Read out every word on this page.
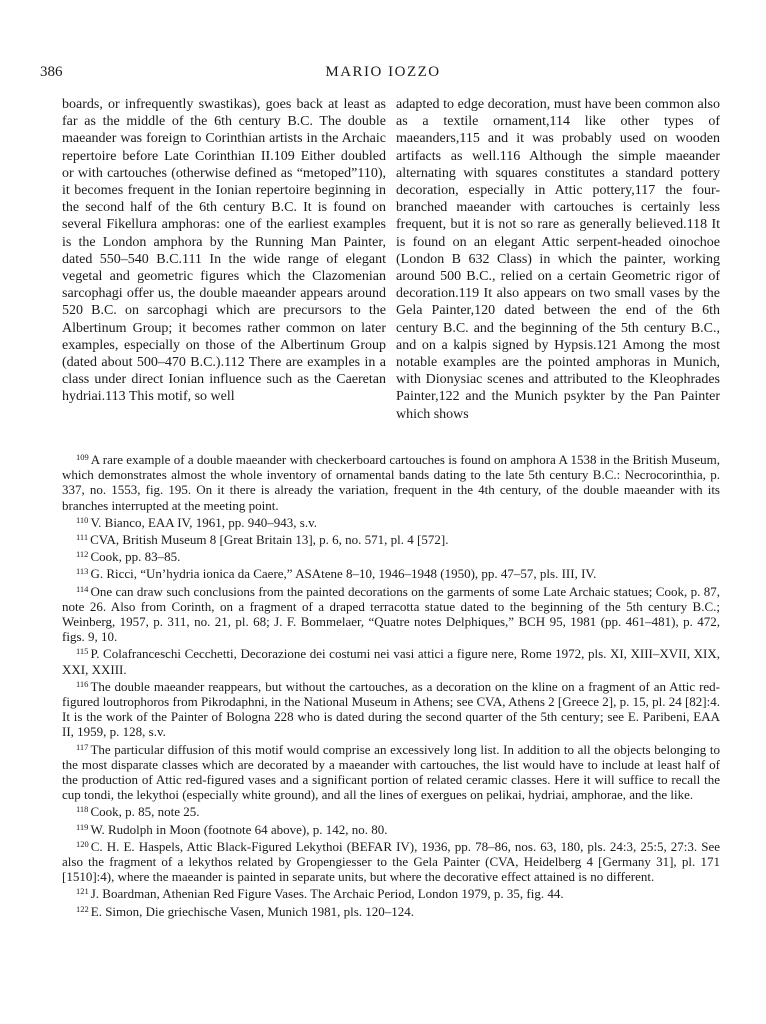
386	MARIO IOZZO
boards, or infrequently swastikas), goes back at least as far as the middle of the 6th century B.C. The double maeander was foreign to Corinthian artists in the Archaic repertoire before Late Corinthian II.109 Either doubled or with cartouches (otherwise defined as “metoped”110), it becomes frequent in the Ionian repertoire beginning in the second half of the 6th century B.C. It is found on several Fikellura amphoras: one of the earliest examples is the London amphora by the Running Man Painter, dated 550–540 B.C.111 In the wide range of elegant vegetal and geometric figures which the Clazomenian sarcophagi offer us, the double maeander appears around 520 B.C. on sarcophagi which are precursors to the Albertinum Group; it becomes rather common on later examples, especially on those of the Albertinum Group (dated about 500–470 B.C.).112 There are examples in a class under direct Ionian influence such as the Caeretan hydriai.113 This motif, so well
adapted to edge decoration, must have been common also as a textile ornament,114 like other types of maeanders,115 and it was probably used on wooden artifacts as well.116 Although the simple maeander alternating with squares constitutes a standard pottery decoration, especially in Attic pottery,117 the four-branched maeander with cartouches is certainly less frequent, but it is not so rare as generally believed.118 It is found on an elegant Attic serpent-headed oinochoe (London B 632 Class) in which the painter, working around 500 B.C., relied on a certain Geometric rigor of decoration.119 It also appears on two small vases by the Gela Painter,120 dated between the end of the 6th century B.C. and the beginning of the 5th century B.C., and on a kalpis signed by Hypsis.121 Among the most notable examples are the pointed amphoras in Munich, with Dionysiac scenes and attributed to the Kleophrades Painter,122 and the Munich psykter by the Pan Painter which shows

$^{109}$ A rare example of a double maeander with checkerboard cartouches is found on amphora A 1538 in the British Museum, which demonstrates almost the whole inventory of ornamental bands dating to the late 5th century B.C.: Necrocorinthia, p. 337, no. 1553, fig. 195. On it there is already the variation, frequent in the 4th century, of the double maeander with its branches interrupted at the meeting point.

$^{110}$ V. Bianco, EAA IV, 1961, pp. 940–943, s.v.

$^{111}$ CVA, British Museum 8 [Great Britain 13], p. 6, no. 571, pl. 4 [572].

$^{112}$ Cook, pp. 83–85.

$^{113}$ G. Ricci, “Un’hydria ionica da Caere,” ASAtene 8–10, 1946–1948 (1950), pp. 47–57, pls. III, IV.

$^{114}$ One can draw such conclusions from the painted decorations on the garments of some Late Archaic statues; Cook, p. 87, note 26. Also from Corinth, on a fragment of a draped terracotta statue dated to the beginning of the 5th century B.C.; Weinberg, 1957, p. 311, no. 21, pl. 68; J. F. Bommelaer, “Quatre notes Delphiques,” BCH 95, 1981 (pp. 461–481), p. 472, figs. 9, 10.

$^{115}$ P. Colafranceschi Cecchetti, Decorazione dei costumi nei vasi attici a figure nere, Rome 1972, pls. XI, XIII–XVII, XIX, XXI, XXIII.

$^{116}$ The double maeander reappears, but without the cartouches, as a decoration on the kline on a fragment of an Attic red-figured loutrophoros from Pikrodaphni, in the National Museum in Athens; see CVA, Athens 2 [Greece 2], p. 15, pl. 24 [82]:4. It is the work of the Painter of Bologna 228 who is dated during the second quarter of the 5th century; see E. Paribeni, EAA II, 1959, p. 128, s.v.

$^{117}$ The particular diffusion of this motif would comprise an excessively long list. In addition to all the objects belonging to the most disparate classes which are decorated by a maeander with cartouches, the list would have to include at least half of the production of Attic red-figured vases and a significant portion of related ceramic classes. Here it will suffice to recall the cup tondi, the lekythoi (especially white ground), and all the lines of exergues on pelikai, hydriai, amphorae, and the like.

$^{118}$ Cook, p. 85, note 25.

$^{119}$ W. Rudolph in Moon (footnote 64 above), p. 142, no. 80.

$^{120}$ C. H. E. Haspels, Attic Black-Figured Lekythoi (BEFAR IV), 1936, pp. 78–86, nos. 63, 180, pls. 24:3, 25:5, 27:3. See also the fragment of a lekythos related by Gropengiesser to the Gela Painter (CVA, Heidelberg 4 [Germany 31], pl. 171 [1510]:4), where the maeander is painted in separate units, but where the decorative effect attained is no different.

$^{121}$ J. Boardman, Athenian Red Figure Vases. The Archaic Period, London 1979, p. 35, fig. 44.

$^{122}$ E. Simon, Die griechische Vasen, Munich 1981, pls. 120–124.
